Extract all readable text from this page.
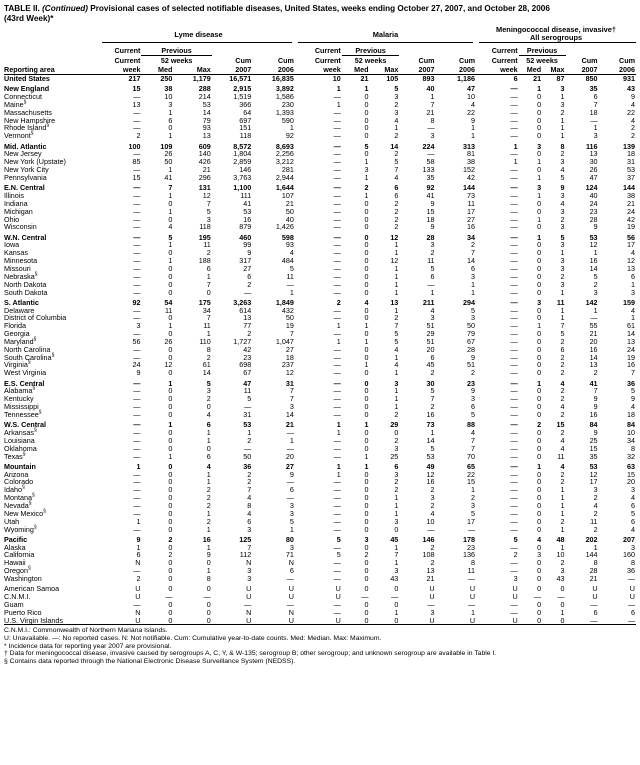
TABLE II. (Continued) Provisional cases of selected notifiable diseases, United States, weeks ending October 27, 2007, and October 28, 2006
(43rd Week)*
	Lyme disease					Malaria					Meningococcal disease, invasive†
All serogroups				

	Current	Previous				Current	Previous				Current	Previous			
	Current	52 weeks		Cum	Cum	Current	52 weeks		Cum	Cum	Current	52 weeks		Cum	Cum
Reporting area	week	Med	Max	2007	2006	week	Med	Max	2007	2006	week	Med	Max	2007	2006
United States	217	250	1,179	16,571	16,835	10	21	105	893	1,186	6	21	87	850	931

New England	15	38	288	2,915	3,892	1	1	5	40	47	—	1	3	35	43
Connecticut	—	10	214	1,519	1,586	—	0	3	1	10	—	0	1	6	9
Maine§	13	3	53	366	230	1	0	2	7	4	—	0	3	7	4
Massachusetts	—	1	14	64	1,393	—	0	3	21	22	—	0	2	18	22
New Hampshire	—	6	79	697	590	—	0	4	8	9	—	0	1	—	4
Rhode Island§	—	0	93	151	1	—	0	1	—	1	—	0	1	1	2
Vermont§	2	1	13	118	92	—	0	2	3	1	—	0	1	3	2

Mid. Atlantic	100	109	609	8,572	8,693	—	5	14	224	313	1	3	8	116	139
New Jersey	—	26	140	1,804	2,256	—	0	2	—	81	—	0	2	13	18
New York (Upstate)	85	50	426	2,859	3,212	—	1	5	58	38	1	1	3	30	31
New York City	—	1	21	146	281	—	3	7	133	152	—	0	4	26	53
Pennsylvania	15	41	296	3,763	2,944	—	1	4	35	42	—	1	5	47	37

E.N. Central	—	7	131	1,100	1,644	—	2	6	92	144	—	3	9	124	144
Illinois	—	1	12	111	107	—	1	6	41	73	—	1	3	40	38
Indiana	—	0	7	41	21	—	0	2	9	11	—	0	4	24	21
Michigan	—	1	5	53	50	—	0	2	15	17	—	0	3	23	24
Ohio	—	0	3	16	40	—	0	2	18	27	—	1	2	28	42
Wisconsin	—	4	118	879	1,426	—	0	2	9	16	—	0	3	9	19

W.N. Central	—	5	195	460	598	—	0	12	28	34	—	1	5	53	56
Iowa	—	1	11	99	93	—	0	1	3	2	—	0	3	12	17
Kansas	—	0	2	9	4	—	0	1	2	7	—	0	1	1	4
Minnesota	—	1	188	317	484	—	0	12	11	14	—	0	3	16	12
Missouri	—	0	6	27	5	—	0	1	5	6	—	0	3	14	13
Nebraska§	—	0	1	6	11	—	0	1	6	3	—	0	2	5	6
North Dakota	—	0	7	2	—	—	0	1	—	1	—	0	3	2	1
South Dakota	—	0	0	—	1	—	0	1	1	1	—	0	1	3	3

S. Atlantic	92	54	175	3,263	1,849	2	4	13	211	294	—	3	11	142	159
Delaware	—	11	34	614	432	—	0	1	4	5	—	0	1	1	4
District of Columbia	—	0	7	13	50	—	0	2	3	3	—	0	1	—	1
Florida	3	1	11	77	19	1	1	7	51	50	—	1	7	55	61
Georgia	—	0	1	2	7	—	0	5	29	79	—	0	5	21	14
Maryland§	56	26	110	1,727	1,047	1	1	5	51	67	—	0	2	20	13
North Carolina	—	0	8	42	27	—	0	4	20	28	—	0	6	16	24
South Carolina§	—	0	2	23	18	—	0	1	6	9	—	0	2	14	19
Virginia§	24	12	61	698	237	—	1	4	45	51	—	0	2	13	16
West Virginia	9	0	14	67	12	—	0	1	2	2	—	0	2	2	7

E.S. Central	—	1	5	47	31	—	0	3	30	23	—	1	4	41	36
Alabama§	—	0	3	11	7	—	0	1	5	9	—	0	2	7	5
Kentucky	—	0	2	5	7	—	0	1	7	3	—	0	2	9	9
Mississippi	—	0	0	—	3	—	0	1	2	6	—	0	4	9	4
Tennessee§	—	0	4	31	14	—	0	2	16	5	—	0	2	16	18

W.S. Central	—	1	6	53	21	1	1	29	73	88	—	2	15	84	84
Arkansas§	—	0	1	1	—	1	0	0	1	4	—	0	2	9	10
Louisiana	—	0	1	2	1	—	0	2	14	7	—	0	4	25	34
Oklahoma	—	0	0	—	—	—	0	3	5	7	—	0	4	15	8
Texas§	—	1	6	50	20	—	1	25	53	70	—	0	11	35	32

Mountain	1	0	4	36	27	1	1	6	49	65	—	1	4	53	63
Arizona	—	0	1	2	9	1	0	3	12	22	—	0	2	12	15
Colorado	—	0	1	2	—	—	0	2	16	15	—	0	2	17	20
Idaho§	—	0	2	7	6	—	0	2	2	1	—	0	1	3	3
Montana§	—	0	2	4	—	—	0	1	3	2	—	0	1	2	4
Nevada§	—	0	2	8	3	—	0	1	2	3	—	0	1	4	6
New Mexico§	—	0	1	4	3	—	0	1	4	5	—	0	1	2	5
Utah	1	0	2	6	5	—	0	3	10	17	—	0	2	11	6
Wyoming§	—	0	1	3	1	—	0	0	—	—	—	0	1	2	4

Pacific	9	2	16	125	80	5	3	45	146	178	5	4	48	202	207
Alaska	1	0	1	7	3	—	0	1	2	23	—	0	1	1	3
California	6	2	9	112	71	5	2	7	108	136	2	3	10	144	160
Hawaii	N	0	0	N	N	—	0	1	2	8	—	0	2	8	8
Oregon§	—	0	1	3	6	—	0	3	13	11	—	0	3	28	36
Washington	2	0	8	3	—	—	0	43	21	—	3	0	43	21	—

American Samoa	U	0	0	U	U	U	0	0	U	U	U	0	0	U	U
C.N.M.I.	U	—	—	U	U	U	—	—	U	U	U	—	—	U	U
Guam	—	0	0	—	—	—	0	0	—	—	—	0	0	—	—
Puerto Rico	N	0	0	N	N	—	0	1	3	1	—	0	1	6	6
U.S. Virgin Islands	U	0	0	U	U	U	0	0	U	U	U	0	0	—	—
C.N.M.I.: Commonwealth of Northern Mariana Islands.
U: Unavailable. —: No reported cases. N: Not notifiable. Cum: Cumulative year-to-date counts. Med: Median. Max: Maximum.
* Incidence data for reporting year 2007 are provisional.
† Data for meningococcal disease, invasive caused by serogroups A, C, Y, & W-135; serogroup B; other serogroup; and unknown serogroup are available in Table I.
§ Contains data reported through the National Electronic Disease Surveillance System (NEDSS).
